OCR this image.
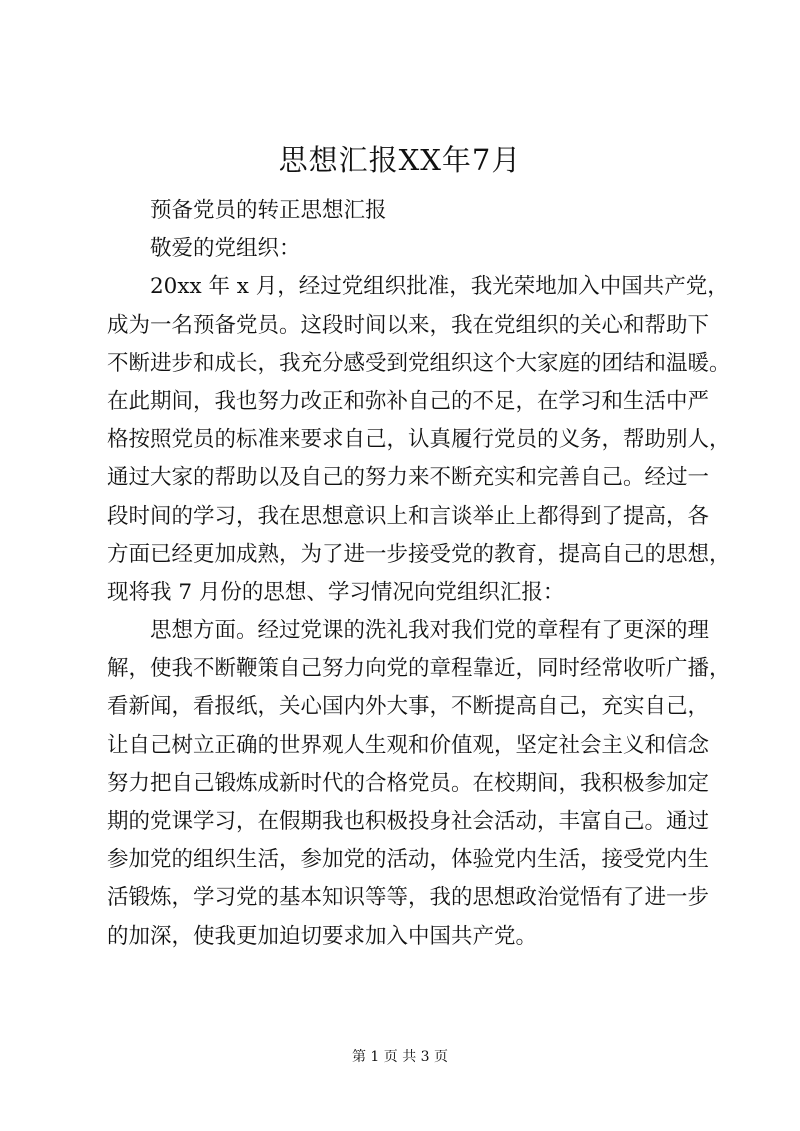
思想汇报XX年7月
预备党员的转正思想汇报
敬爱的党组织：
20xx 年 x 月，经过党组织批准，我光荣地加入中国共产党，
成为一名预备党员。这段时间以来，我在党组织的关心和帮助下
不断进步和成长，我充分感受到党组织这个大家庭的团结和温暖。
在此期间，我也努力改正和弥补自己的不足，在学习和生活中严
格按照党员的标准来要求自己，认真履行党员的义务，帮助别人，
通过大家的帮助以及自己的努力来不断充实和完善自己。经过一
段时间的学习，我在思想意识上和言谈举止上都得到了提高，各
方面已经更加成熟，为了进一步接受党的教育，提高自己的思想，
现将我 7 月份的思想、学习情况向党组织汇报：
思想方面。经过党课的洗礼我对我们党的章程有了更深的理
解，使我不断鞭策自己努力向党的章程靠近，同时经常收听广播，
看新闻，看报纸，关心国内外大事，不断提高自己，充实自己，
让自己树立正确的世界观人生观和价值观，坚定社会主义和信念
努力把自己锻炼成新时代的合格党员。在校期间，我积极参加定
期的党课学习，在假期我也积极投身社会活动，丰富自己。通过
参加党的组织生活，参加党的活动，体验党内生活，接受党内生
活锻炼，学习党的基本知识等等，我的思想政治觉悟有了进一步
的加深，使我更加迫切要求加入中国共产党。
第 1 页 共 3 页
